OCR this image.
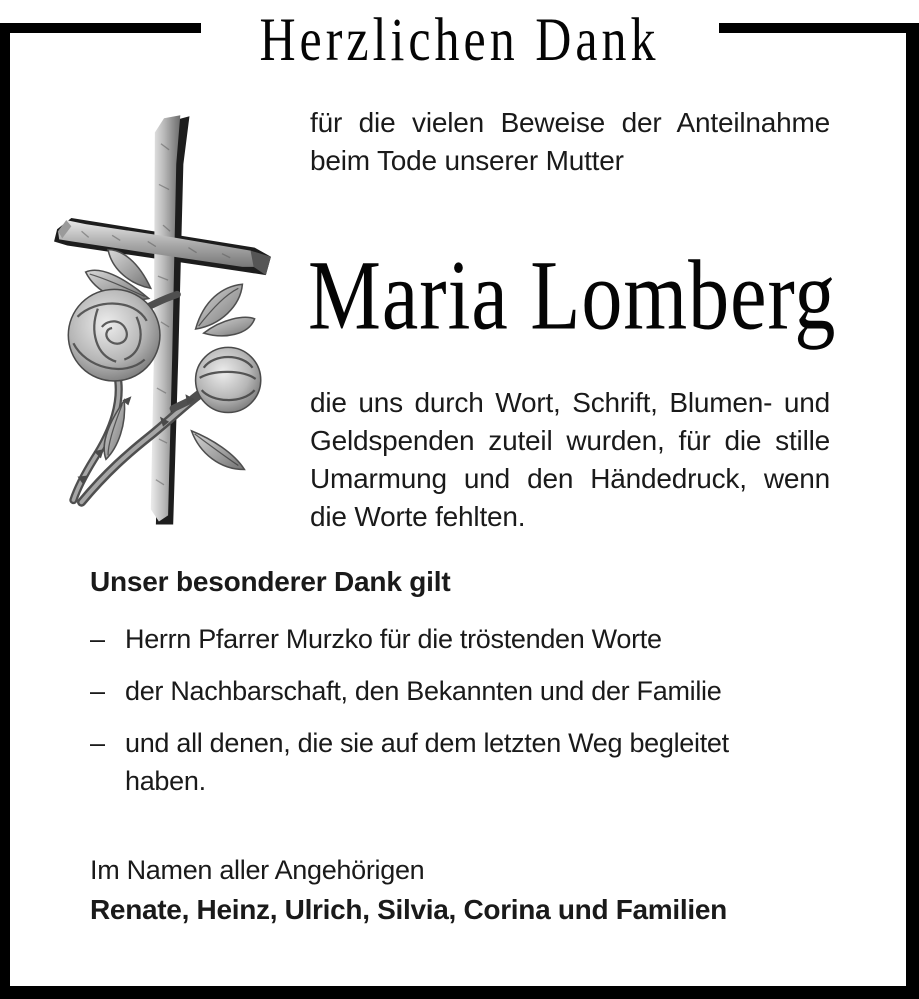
Herzlichen Dank
für die vielen Beweise der Anteilnahme
beim Tode unserer Mutter
Maria Lomberg
die uns durch Wort, Schrift, Blumen- und
Geldspenden zuteil wurden, für die stille
Umarmung und den Händedruck, wenn
die Worte fehlten.
Unser besonderer Dank gilt
– Herrn Pfarrer Murzko für die tröstenden Worte
– der Nachbarschaft, den Bekannten und der Familie
– und all denen, die sie auf dem letzten Weg begleitet
haben.
Im Namen aller Angehörigen
Renate, Heinz, Ulrich, Silvia, Corina und Familien
